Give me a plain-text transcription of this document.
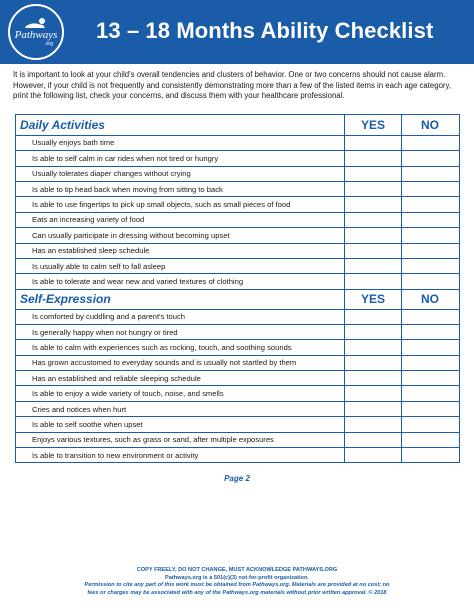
Pathways
.org
13 – 18 Months Ability Checklist

It is important to look at your child's overall tendencies and clusters of behavior. One or two concerns should not cause alarm. However, if your child is not frequently and consistently demonstrating more than a few of the listed items in each age category, print the following list, check your concerns, and discuss them with your healthcare professional.

Daily Activities	YES	NO
Usually enjoys bath time
Is able to self calm in car rides when not tired or hungry
Usually tolerates diaper changes without crying
Is able to tip head back when moving from sitting to back
Is able to use fingertips to pick up small objects, such as small pieces of food
Eats an increasing variety of food
Can usually participate in dressing without becoming upset
Has an established sleep schedule
Is usually able to calm self to fall asleep
Is able to tolerate and wear new and varied textures of clothing
Self-Expression	YES	NO
Is comforted by cuddling and a parent's touch
Is generally happy when not hungry or tired
Is able to calm with experiences such as rocking, touch, and soothing sounds
Has grown accustomed to everyday sounds and is usually not startled by them
Has an established and reliable sleeping schedule
Is able to enjoy a wide variety of touch, noise, and smells
Cries and notices when hurt
Is able to self soothe when upset
Enjoys various textures, such as grass or sand, after multiple exposures
Is able to transition to new environment or activity
Page 2
COPY FREELY, DO NOT CHANGE, MUST ACKNOWLEDGE PATHWAYS.ORG
Pathways.org is a 501(c)(3) not-for-profit organization.
Permission to cite any part of this work must be obtained from Pathways.org. Materials are provided at no cost; no
fees or charges may be associated with any of the Pathways.org materials without prior written approval. © 2018
